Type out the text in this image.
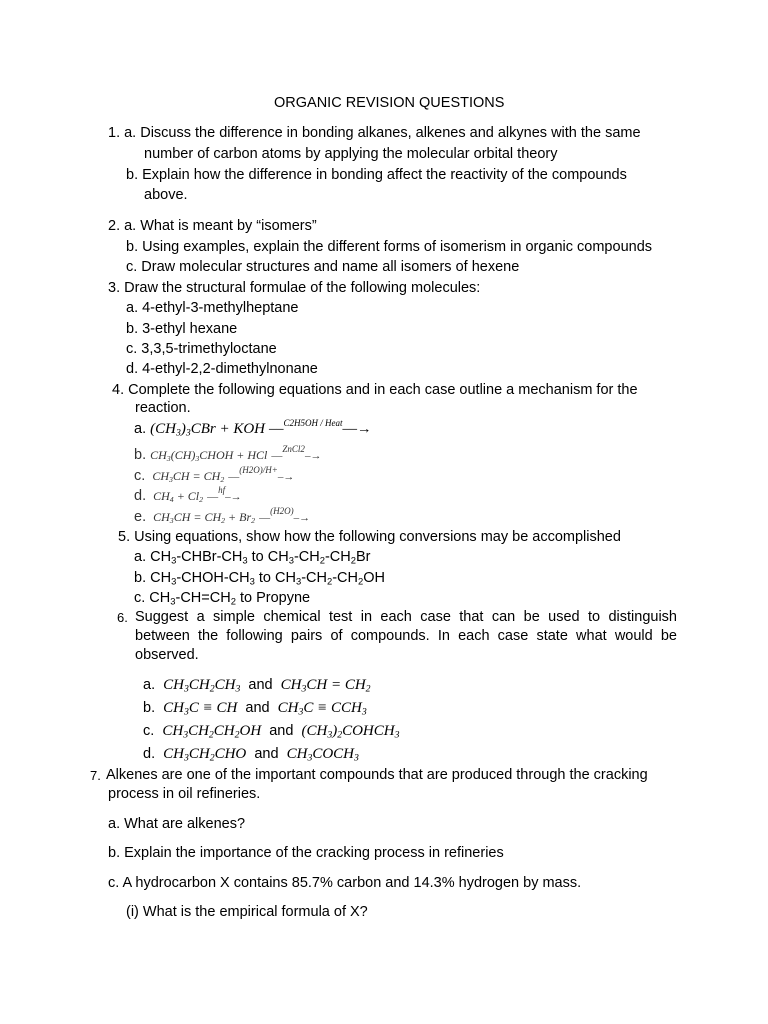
ORGANIC REVISION QUESTIONS
1. a. Discuss the difference in bonding alkanes, alkenes and alkynes with the same
number of carbon atoms by applying the molecular orbital theory
b. Explain how the difference in bonding affect the reactivity of the compounds
above.
2. a. What is meant by “isomers”
b. Using examples, explain the different forms of isomerism in organic compounds
c. Draw molecular structures and name all isomers of hexene
3. Draw the structural formulae of the following molecules:
a. 4-ethyl-3-methylheptane
b. 3-ethyl hexane
c. 3,3,5-trimethyloctane
d. 4-ethyl-2,2-dimethylnonane
4. Complete the following equations and in each case outline a mechanism for the
reaction.
a. $(CH_3)_3CBr$ + KOH ––$^{C2H5OH / Heat}$––→
b. $CH_3(CH)_3CHOH$ + HCl ––$^{ZnCl2}$–→
c.  $CH_3CH = CH_2$ ––$^{(H2O)/H+}$–→
d.  $CH_4 + Cl_2$ ––$^{hf}$–→
e.  $CH_3CH = CH_2 + Br_2$ ––$^{(H2O)}$–→
5. Using equations, show how the following conversions may be accomplished
a. $CH_3-CHBr-CH_3$ to $CH_3-CH_2-CH_2Br$
b. $CH_3-CHOH-CH_3$ to $CH_3-CH_2-CH_2OH$
c. $CH_3-CH=CH_2$ to Propyne
6. Suggest a simple chemical test in each case that can be used to distinguish between the following pairs of compounds. In each case state what would be observed.
a. $CH_3CH_2CH_3$ and $CH_3CH = CH_2$
b. $CH_3C$ ≡ CH and $CH_3C \equiv CCH_3$
c. $CH_3CH_2CH_2OH$ and $(CH_3)_2COHCH_3$
d. $CH_3CH_2CHO$ and $CH_3COCH_3$
7. Alkenes are one of the important compounds that are produced through the cracking
process in oil refineries.
a. What are alkenes?
b. Explain the importance of the cracking process in refineries
c. A hydrocarbon X contains 85.7% carbon and 14.3% hydrogen by mass.
(i) What is the empirical formula of X?
